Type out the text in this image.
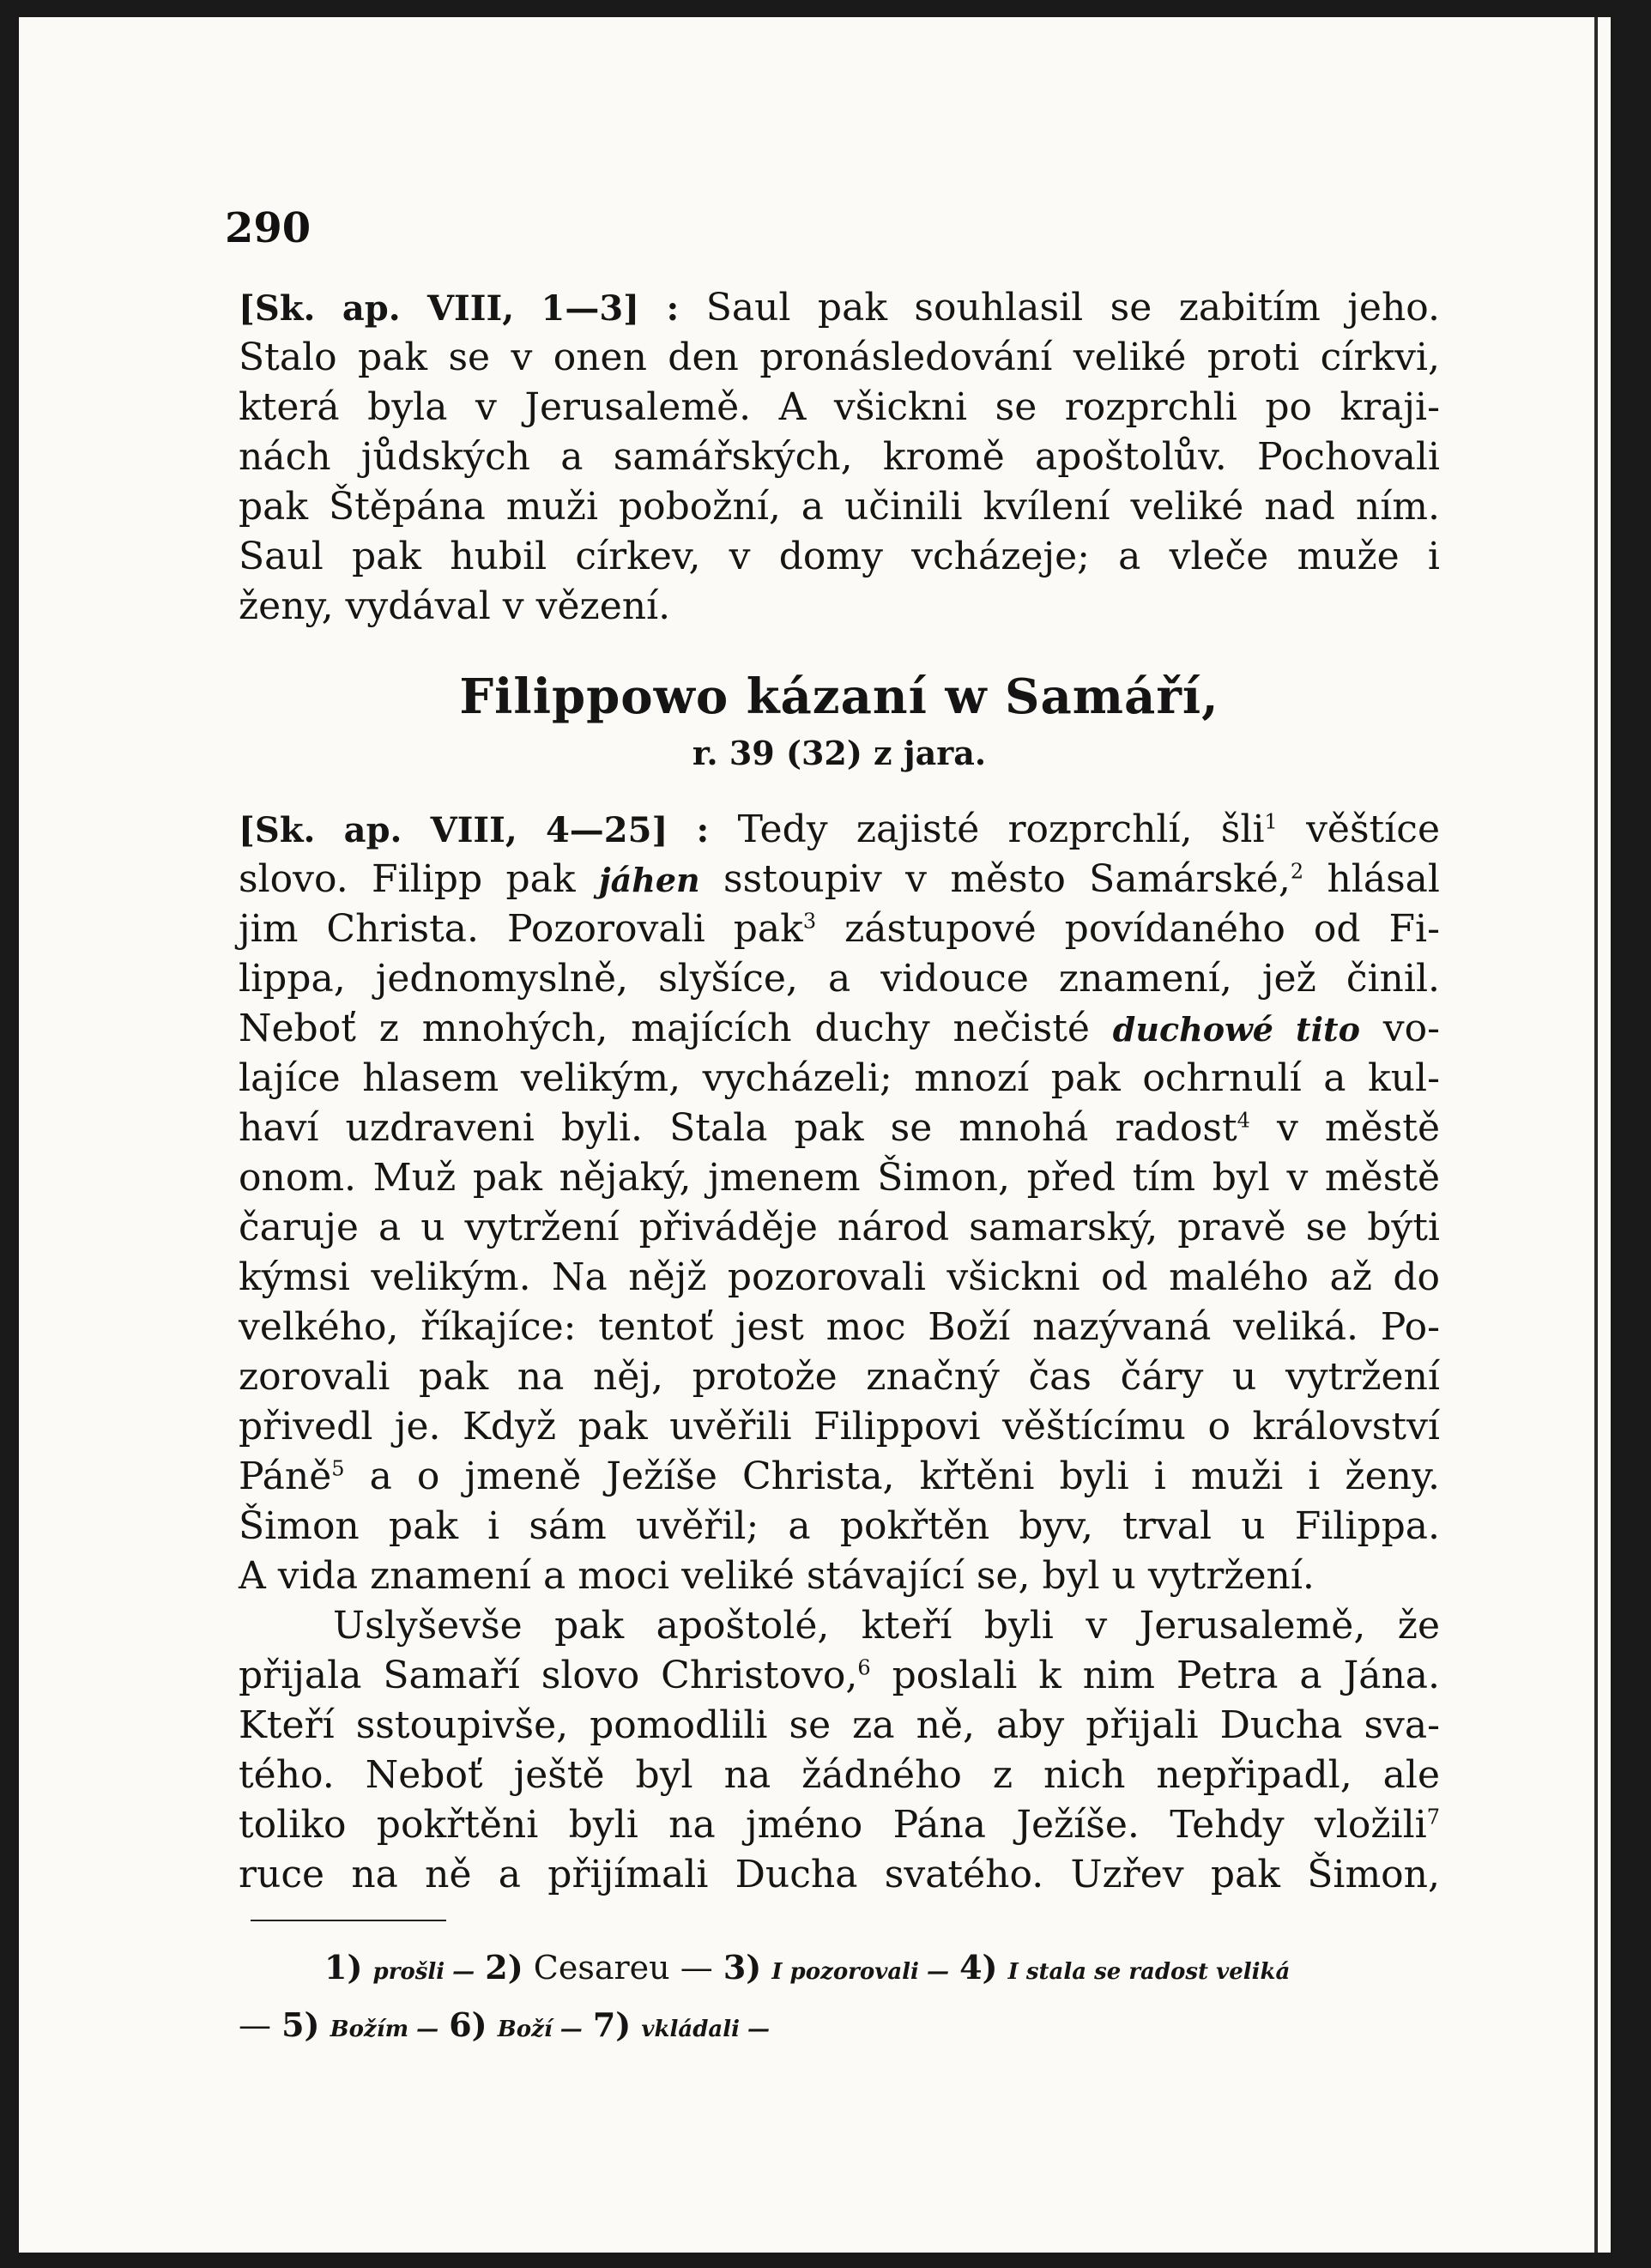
290
[Sk. ap. VIII, 1—3] : Saul pak souhlasil se zabitím jeho.
Stalo pak se v onen den pronásledování veliké proti církvi,
která byla v Jerusalemě. A všickni se rozprchli po kraji-
nách jůdských a samářských, kromě apoštolův. Pochovali
pak Štěpána muži pobožní, a učinili kvílení veliké nad ním.
Saul pak hubil církev, v domy vcházeje; a vleče muže i
ženy, vydával v vězení.
Filippowo kázaní w Samáří,
r. 39 (32) z jara.
[Sk. ap. VIII, 4—25] : Tedy zajisté rozprchlí, šli$^1$ věštíce
slovo. Filipp pak jáhen sstoupiv v město Samárské,$^2$ hlásal
jim Christa. Pozorovali pak$^3$ zástupové povídaného od Fi-
lippa, jednomyslně, slyšíce, a vidouce znamení, jež činil.
Neboť z mnohých, majících duchy nečisté duchowé tito vo-
lajíce hlasem velikým, vycházeli; mnozí pak ochrnulí a kul-
haví uzdraveni byli. Stala pak se mnohá radost$^4$ v městě
onom. Muž pak nějaký, jmenem Šimon, před tím byl v městě
čaruje a u vytržení přiváděje národ samarský, pravě se býti
kýmsi velikým. Na nějž pozorovali všickni od malého až do
velkého, říkajíce: tentoť jest moc Boží nazývaná veliká. Po-
zorovali pak na něj, protože značný čas čáry u vytržení
přivedl je. Když pak uvěřili Filippovi věštícímu o království
Páně$^5$ a o jmeně Ježíše Christa, křtěni byli i muži i ženy.
Šimon pak i sám uvěřil; a pokřtěn byv, trval u Filippa.
A vida znamení a moci veliké stávající se, byl u vytržení.
Uslyševše pak apoštolé, kteří byli v Jerusalemě, že
přijala Samaří slovo Christovo,$^6$ poslali k nim Petra a Jána.
Kteří sstoupivše, pomodlili se za ně, aby přijali Ducha sva-
tého. Neboť ještě byl na žádného z nich nepřipadl, ale
toliko pokřtěni byli na jméno Pána Ježíše. Tehdy vložili$^7$
ruce na ně a přijímali Ducha svatého. Uzřev pak Šimon,
1) prošli — 2) Cesareu — 3) I pozorovali — 4) I stala se radost veliká
— 5) Božím — 6) Boží — 7) vkládali —
